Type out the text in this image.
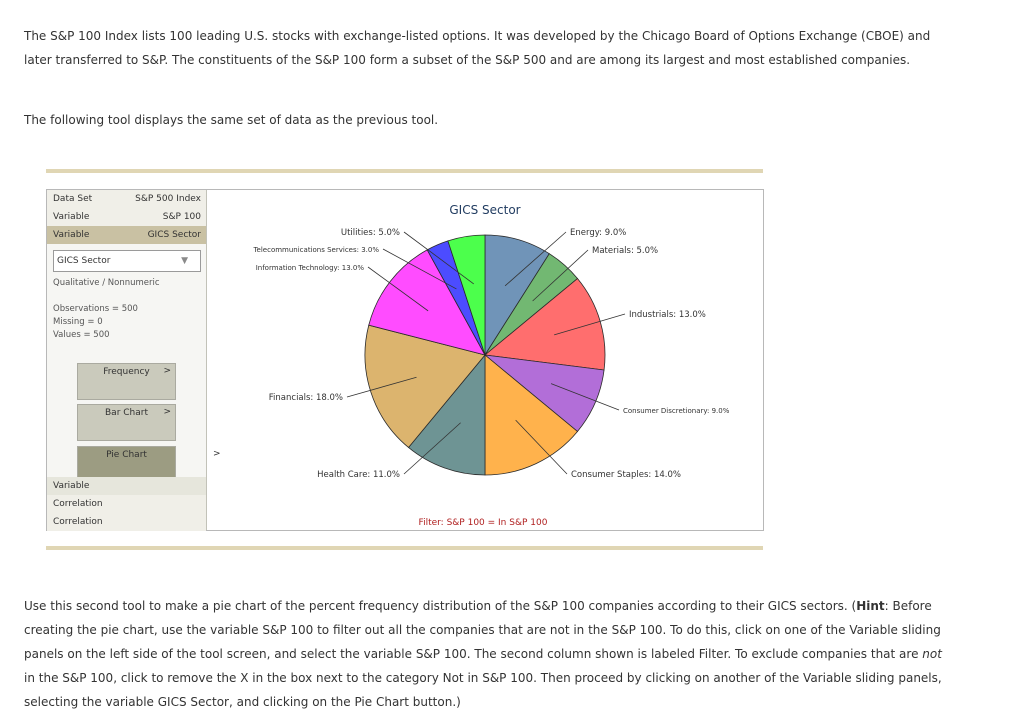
The S&P 100 Index lists 100 leading U.S. stocks with exchange-listed options. It was developed by the Chicago Board of Options Exchange (CBOE) and later transferred to S&P. The constituents of the S&P 100 form a subset of the S&P 500 and are among its largest and most established companies.

The following tool displays the same set of data as the previous tool.

Data Set	S&P 500 Index
Variable	S&P 100
Variable	GICS Sector
GICS Sector	▼
Qualitative / Nonnumeric
Observations = 500
Missing = 0
Values = 500
Frequency	>
Bar Chart	>
Pie Chart	>
Variable
Correlation
Correlation
GICS Sector
Energy: 9.0%
Materials: 5.0%
Industrials: 13.0%
Consumer Discretionary: 9.0%
Consumer Staples: 14.0%
Health Care: 11.0%
Financials: 18.0%
Information Technology: 13.0%
Telecommunications Services: 3.0%
Utilities: 5.0%
Filter: S&P 100 = In S&P 100

Use this second tool to make a pie chart of the percent frequency distribution of the S&P 100 companies according to their GICS sectors. (Hint: Before creating the pie chart, use the variable S&P 100 to filter out all the companies that are not in the S&P 100. To do this, click on one of the Variable sliding panels on the left side of the tool screen, and select the variable S&P 100. The second column shown is labeled Filter. To exclude companies that are not in the S&P 100, click to remove the X in the box next to the category Not in S&P 100. Then proceed by clicking on another of the Variable sliding panels, selecting the variable GICS Sector, and clicking on the Pie Chart button.)
